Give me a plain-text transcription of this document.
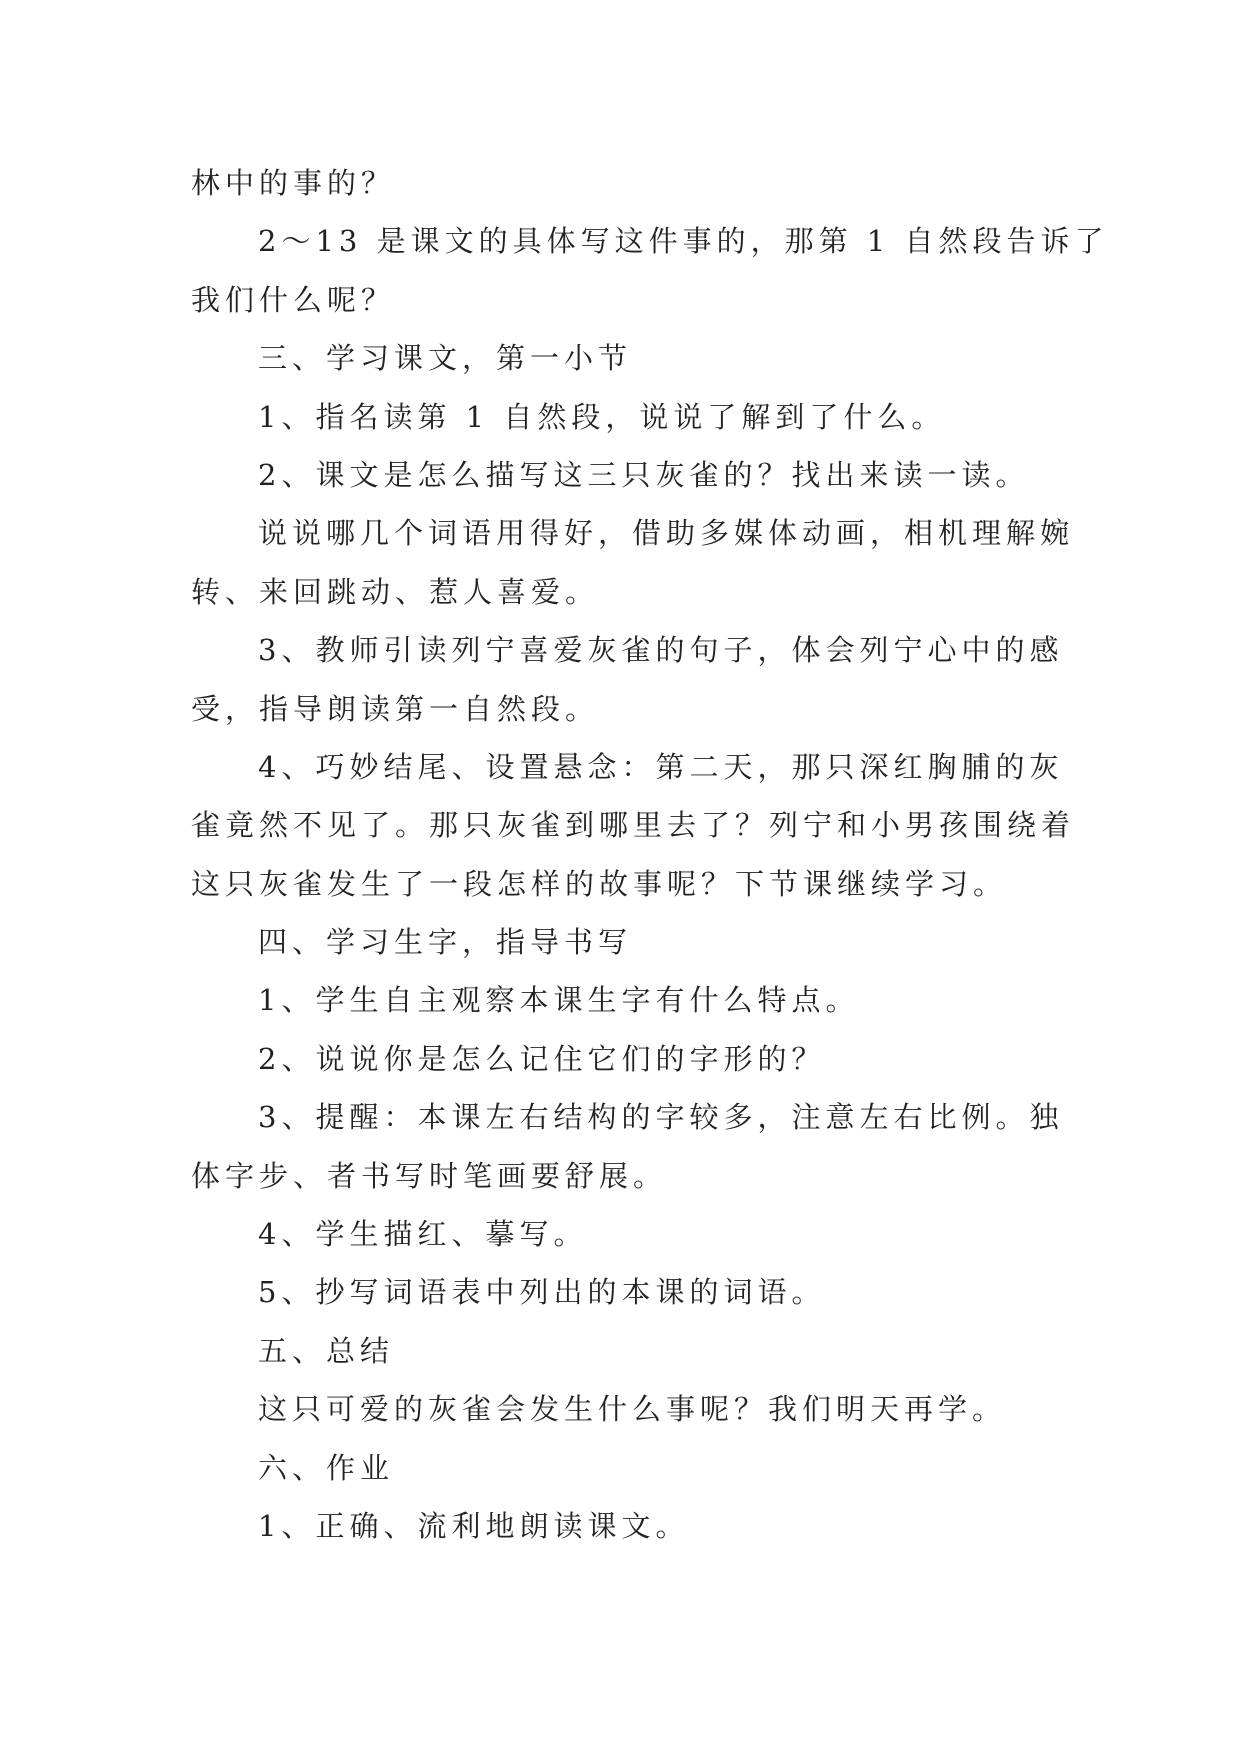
林中的事的？
2～13 是课文的具体写这件事的，那第 1 自然段告诉了
我们什么呢？
三、学习课文，第一小节
1、指名读第 1 自然段，说说了解到了什么。
2、课文是怎么描写这三只灰雀的？找出来读一读。
说说哪几个词语用得好，借助多媒体动画，相机理解婉
转、来回跳动、惹人喜爱。
3、教师引读列宁喜爱灰雀的句子，体会列宁心中的感
受，指导朗读第一自然段。
4、巧妙结尾、设置悬念：第二天，那只深红胸脯的灰
雀竟然不见了。那只灰雀到哪里去了？列宁和小男孩围绕着
这只灰雀发生了一段怎样的故事呢？下节课继续学习。
四、学习生字，指导书写
1、学生自主观察本课生字有什么特点。
2、说说你是怎么记住它们的字形的？
3、提醒：本课左右结构的字较多，注意左右比例。独
体字步、者书写时笔画要舒展。
4、学生描红、摹写。
5、抄写词语表中列出的本课的词语。
五、总结
这只可爱的灰雀会发生什么事呢？我们明天再学。
六、作业
1、正确、流利地朗读课文。
